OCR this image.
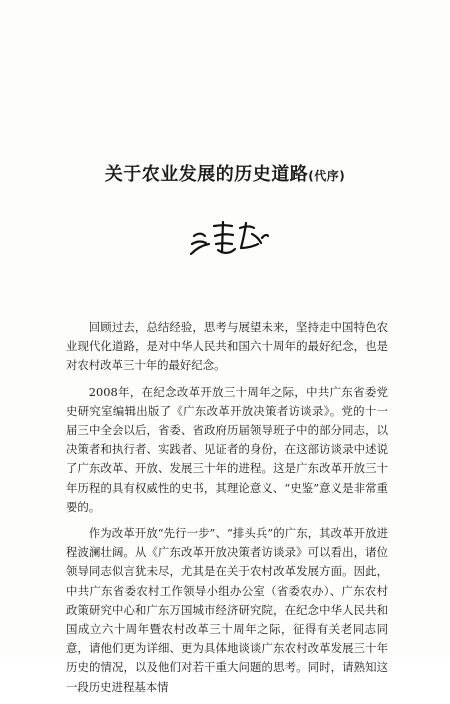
关于农业发展的历史道路(代序)

回顾过去，总结经验，思考与展望未来，坚持走中国特色农业现代化道路，是对中华人民共和国六十周年的最好纪念，也是对农村改革三十年的最好纪念。

2008年，在纪念改革开放三十周年之际，中共广东省委党史研究室编辑出版了《广东改革开放决策者访谈录》。党的十一届三中全会以后，省委、省政府历届领导班子中的部分同志，以决策者和执行者、实践者、见证者的身份，在这部访谈录中述说了广东改革、开放、发展三十年的进程。这是广东改革开放三十年历程的具有权威性的史书，其理论意义、“史鉴”意义是非常重要的。

作为改革开放“先行一步”、“排头兵”的广东，其改革开放进程波澜壮阔。从《广东改革开放决策者访谈录》可以看出，诸位领导同志似言犹未尽，尤其是在关于农村改革发展方面。因此，中共广东省委农村工作领导小组办公室（省委农办）、广东农村政策研究中心和广东万国城市经济研究院，在纪念中华人民共和国成立六十周年暨农村改革三十周年之际，征得有关老同志同意，请他们更为详细、更为具体地谈谈广东农村改革发展三十年历史的情况，以及他们对若干重大问题的思考。同时，请熟知这一段历史进程基本情
